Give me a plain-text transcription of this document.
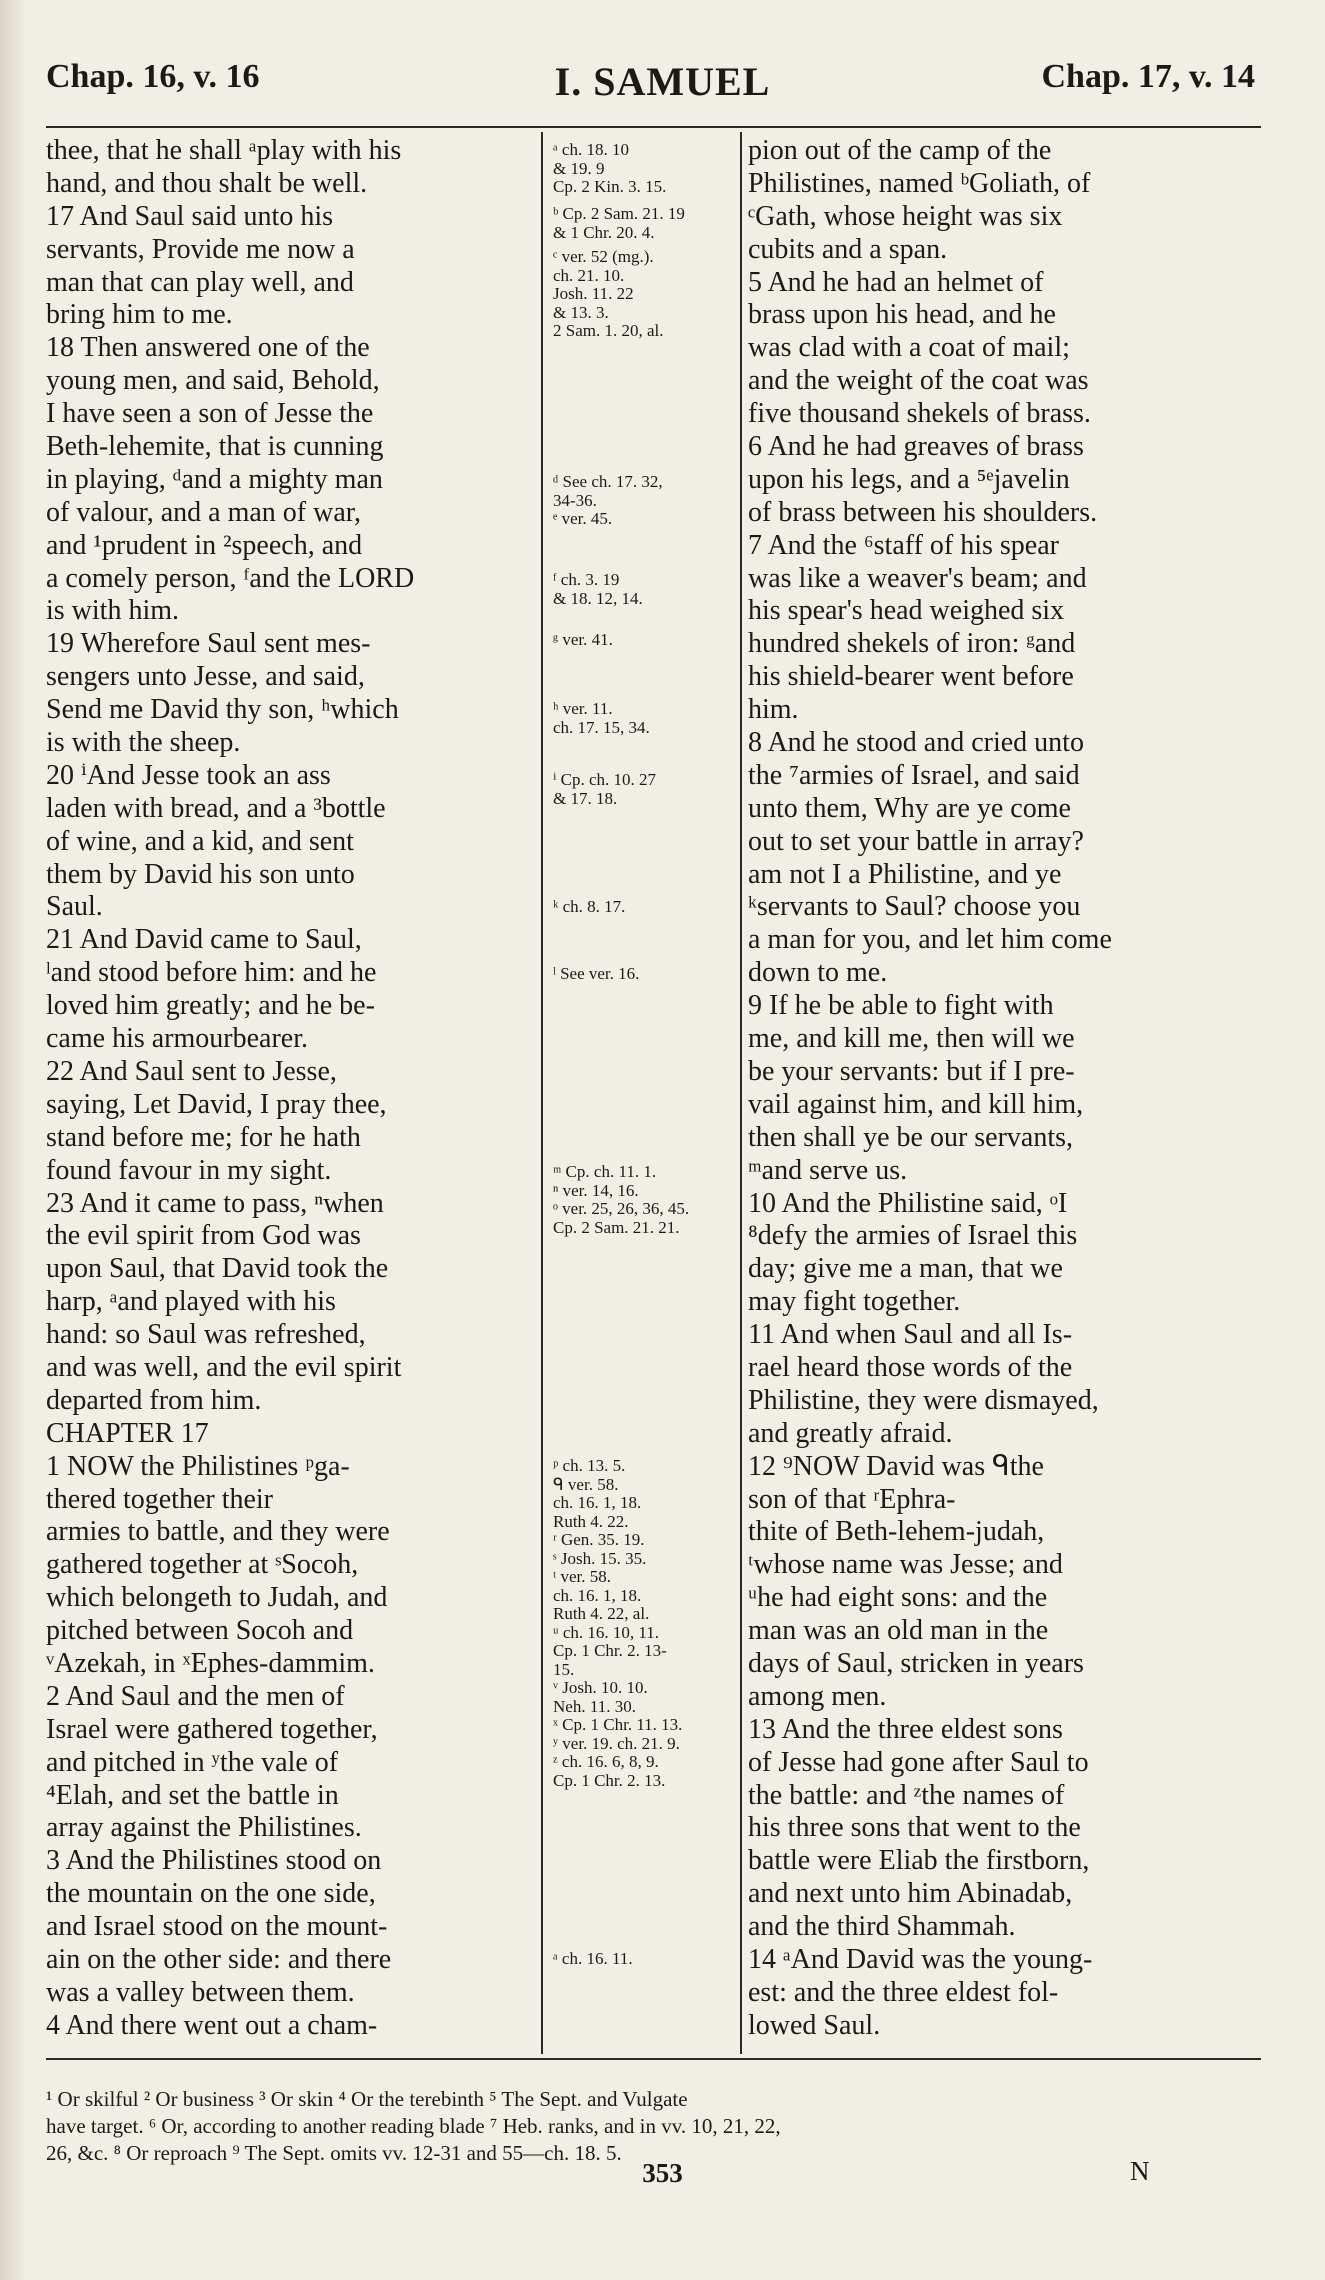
Chap. 16, v. 16	I. SAMUEL	Chap. 17, v. 14
thee, that he shall ᵃplay with his
hand, and thou shalt be well.
17 And Saul said unto his
servants, Provide me now a
man that can play well, and
bring him to me.
18 Then answered one of the
young men, and said, Behold,
I have seen a son of Jesse the
Beth-lehemite, that is cunning
in playing, ᵈand a mighty man
of valour, and a man of war,
and ¹prudent in ²speech, and
a comely person, ᶠand the LORD
is with him.
19 Wherefore Saul sent mes-
sengers unto Jesse, and said,
Send me David thy son, ʰwhich
is with the sheep.
20 ⁱAnd Jesse took an ass
laden with bread, and a ³bottle
of wine, and a kid, and sent
them by David his son unto
Saul.
21 And David came to Saul,
ˡand stood before him: and he
loved him greatly; and he be-
came his armourbearer.
22 And Saul sent to Jesse,
saying, Let David, I pray thee,
stand before me; for he hath
found favour in my sight.
23 And it came to pass, ⁿwhen
the evil spirit from God was
upon Saul, that David took the
harp, ᵃand played with his
hand: so Saul was refreshed,
and was well, and the evil spirit
departed from him.
CHAPTER 17
1 NOW the Philistines ᵖga-
thered together their
armies to battle, and they were
gathered together at ˢSocoh,
which belongeth to Judah, and
pitched between Socoh and
ᵛAzekah, in ˣEphes-dammim.
2 And Saul and the men of
Israel were gathered together,
and pitched in ʸthe vale of
⁴Elah, and set the battle in
array against the Philistines.
3 And the Philistines stood on
the mountain on the one side,
and Israel stood on the mount-
ain on the other side: and there
was a valley between them.
4 And there went out a cham-
ᵃ ch. 18. 10
& 19. 9
Cp. 2 Kin. 3. 15.
ᵇ Cp. 2 Sam. 21. 19
& 1 Chr. 20. 4.
ᶜ ver. 52 (mg.).
ch. 21. 10.
Josh. 11. 22
& 13. 3.
2 Sam. 1. 20, al.
ᵈ See ch. 17. 32,
34-36.
ᵉ ver. 45.
ᶠ ch. 3. 19
& 18. 12, 14.
ᵍ ver. 41.
ʰ ver. 11.
ch. 17. 15, 34.
ⁱ Cp. ch. 10. 27
& 17. 18.
ᵏ ch. 8. 17.
ˡ See ver. 16.
ᵐ Cp. ch. 11. 1.
ⁿ ver. 14, 16.
ᵒ ver. 25, 26, 36, 45.
Cp. 2 Sam. 21. 21.
ᵖ ch. 13. 5.
ᑫ ver. 58.
ch. 16. 1, 18.
Ruth 4. 22.
ʳ Gen. 35. 19.
ˢ Josh. 15. 35.
ᵗ ver. 58.
ch. 16. 1, 18.
Ruth 4. 22, al.
ᵘ ch. 16. 10, 11.
Cp. 1 Chr. 2. 13-
15.
ᵛ Josh. 10. 10.
Neh. 11. 30.
ˣ Cp. 1 Chr. 11. 13.
ʸ ver. 19. ch. 21. 9.
ᶻ ch. 16. 6, 8, 9.
Cp. 1 Chr. 2. 13.
ᵃ ch. 16. 11.
pion out of the camp of the
Philistines, named ᵇGoliath, of
ᶜGath, whose height was six
cubits and a span.
5 And he had an helmet of
brass upon his head, and he
was clad with a coat of mail;
and the weight of the coat was
five thousand shekels of brass.
6 And he had greaves of brass
upon his legs, and a ⁵ᵉjavelin
of brass between his shoulders.
7 And the ⁶staff of his spear
was like a weaver's beam; and
his spear's head weighed six
hundred shekels of iron: ᵍand
his shield-bearer went before
him.
8 And he stood and cried unto
the ⁷armies of Israel, and said
unto them, Why are ye come
out to set your battle in array?
am not I a Philistine, and ye
ᵏservants to Saul? choose you
a man for you, and let him come
down to me.
9 If he be able to fight with
me, and kill me, then will we
be your servants: but if I pre-
vail against him, and kill him,
then shall ye be our servants,
ᵐand serve us.
10 And the Philistine said, ᵒI
⁸defy the armies of Israel this
day; give me a man, that we
may fight together.
11 And when Saul and all Is-
rael heard those words of the
Philistine, they were dismayed,
and greatly afraid.
12 ⁹NOW David was ᑫthe
son of that ʳEphra-
thite of Beth-lehem-judah,
ᵗwhose name was Jesse; and
ᵘhe had eight sons: and the
man was an old man in the
days of Saul, stricken in years
among men.
13 And the three eldest sons
of Jesse had gone after Saul to
the battle: and ᶻthe names of
his three sons that went to the
battle were Eliab the firstborn,
and next unto him Abinadab,
and the third Shammah.
14 ᵃAnd David was the young-
est: and the three eldest fol-
lowed Saul.
¹ Or skilful ² Or business ³ Or skin ⁴ Or the terebinth ⁵ The Sept. and Vulgate
have target. ⁶ Or, according to another reading blade ⁷ Heb. ranks, and in vv. 10, 21, 22,
26, &c. ⁸ Or reproach ⁹ The Sept. omits vv. 12-31 and 55—ch. 18. 5.
353	N
